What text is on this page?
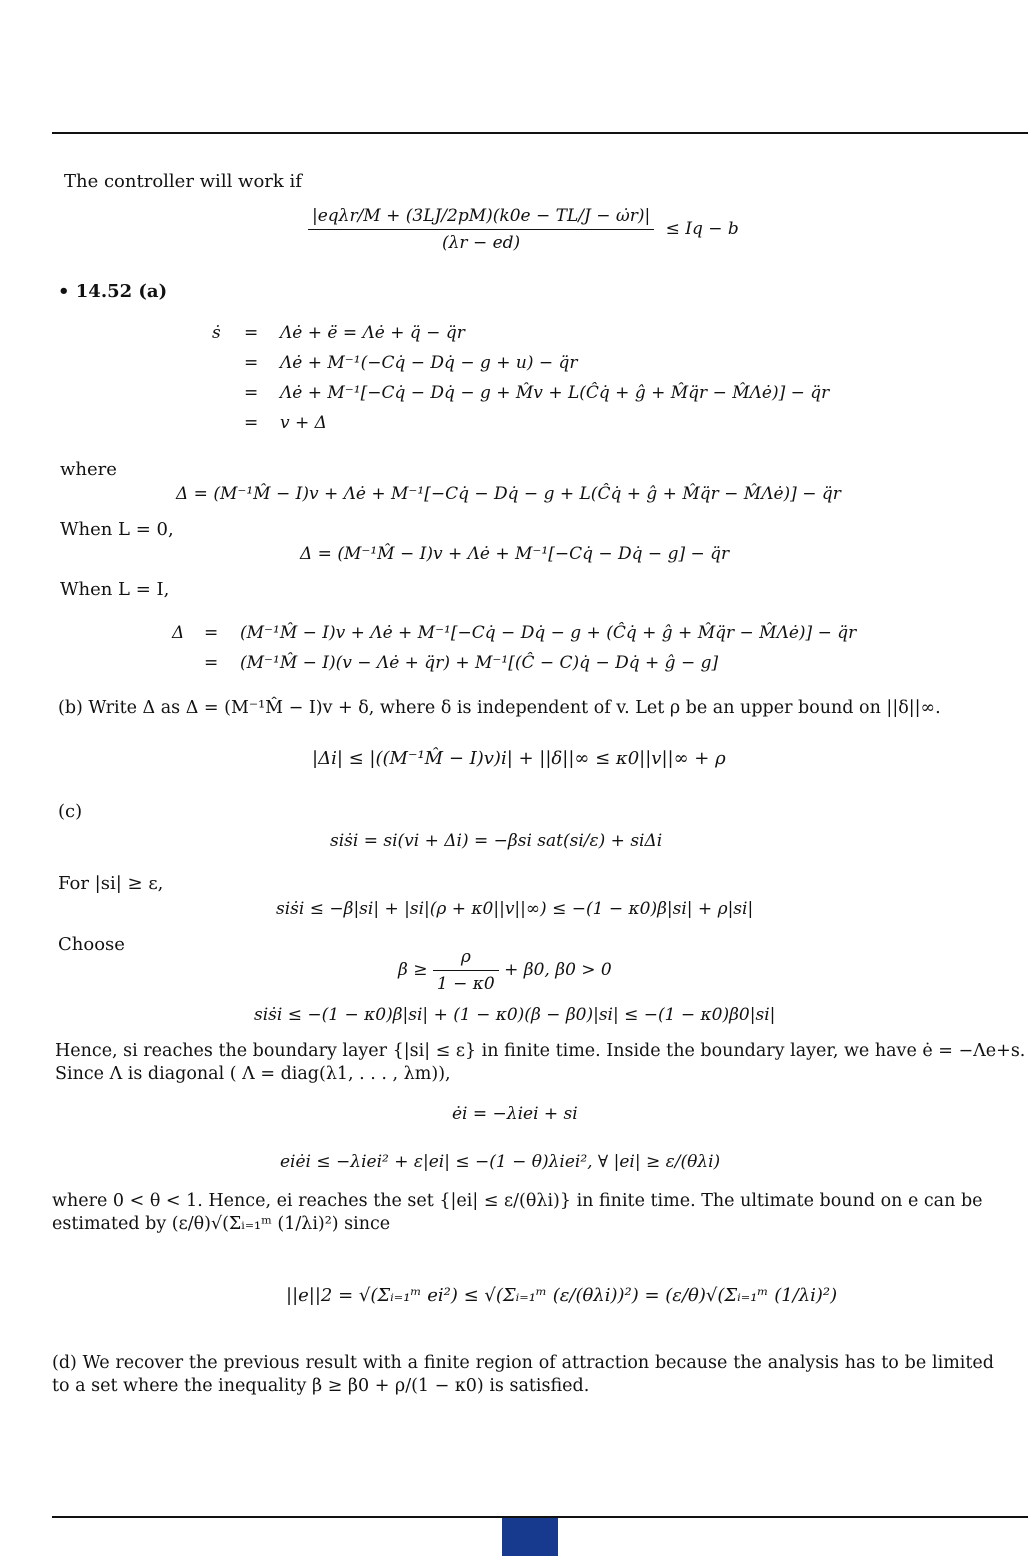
The controller will work if
$\frac{\text{|eqλr/M + (3LJ/2pM)(k0e − TL/J − ω̇r)|}}{(\lambda r - ed)} \le Iq - b$
• 14.52 (a)
ṡ = Λė + ë = Λė + q̈ − q̈r
= Λė + M⁻¹(−Cq̇ − Dq̇ − g + u) − q̈r
= Λė + M⁻¹[−Cq̇ − Dq̇ − g + M̂v + L(Ĉq̇ + ĝ + M̂q̈r − M̂Λė)] − q̈r
= v + Δ
where
Δ = (M⁻¹M̂ − I)v + Λė + M⁻¹[−Cq̇ − Dq̇ − g + L(Ĉq̇ + ĝ + M̂q̈r − M̂Λė)] − q̈r
When L = 0,
Δ = (M⁻¹M̂ − I)v + Λė + M⁻¹[−Cq̇ − Dq̇ − g] − q̈r
When L = I,
Δ = (M⁻¹M̂ − I)v + Λė + M⁻¹[−Cq̇ − Dq̇ − g + (Ĉq̇ + ĝ + M̂q̈r − M̂Λė)] − q̈r
= (M⁻¹M̂ − I)(v − Λė + q̈r) + M⁻¹[(Ĉ − C)q̇ − Dq̇ + ĝ − g]
(b) Write Δ as Δ = (M⁻¹M̂ − I)v + δ, where δ is independent of v. Let ρ be an upper bound on ||δ||∞.
|Δi| ≤ |((M⁻¹M̂ − I)v)i| + ||δ||∞ ≤ κ0||v||∞ + ρ
(c)
siṡi = si(vi + Δi) = −βsi sat(si/ε) + siΔi
For |si| ≥ ε,
siṡi ≤ −β|si| + |si|(ρ + κ0||v||∞) ≤ −(1 − κ0)β|si| + ρ|si|
Choose
$\beta \ge \frac{\rho}{1 - \kappa 0} + \beta 0$, β0 > 0
siṡi ≤ −(1 − κ0)β|si| + (1 − κ0)(β − β0)|si| ≤ −(1 − κ0)β0|si|
Hence, si reaches the boundary layer {|si| ≤ ε} in finite time. Inside the boundary layer, we have ė = −Λe+s.
Since Λ is diagonal ( Λ = diag(λ1, . . . , λm)),
ėi = −λiei + si
eiėi ≤ −λiei² + ε|ei| ≤ −(1 − θ)λiei², ∀ |ei| ≥ ε/(θλi)
where 0 < θ < 1. Hence, ei reaches the set {|ei| ≤ ε/(θλi)} in finite time. The ultimate bound on e can be
estimated by (ε/θ)√(Σᵢ₌₁ᵐ (1/λi)²) since
||e||2 = √(Σᵢ₌₁ᵐ ei²) ≤ √(Σᵢ₌₁ᵐ (ε/(θλi))²) = (ε/θ)√(Σᵢ₌₁ᵐ (1/λi)²)
(d) We recover the previous result with a finite region of attraction because the analysis has to be limited to a set where the inequality β ≥ β0 + ρ/(1 − κ0) is satisfied.
